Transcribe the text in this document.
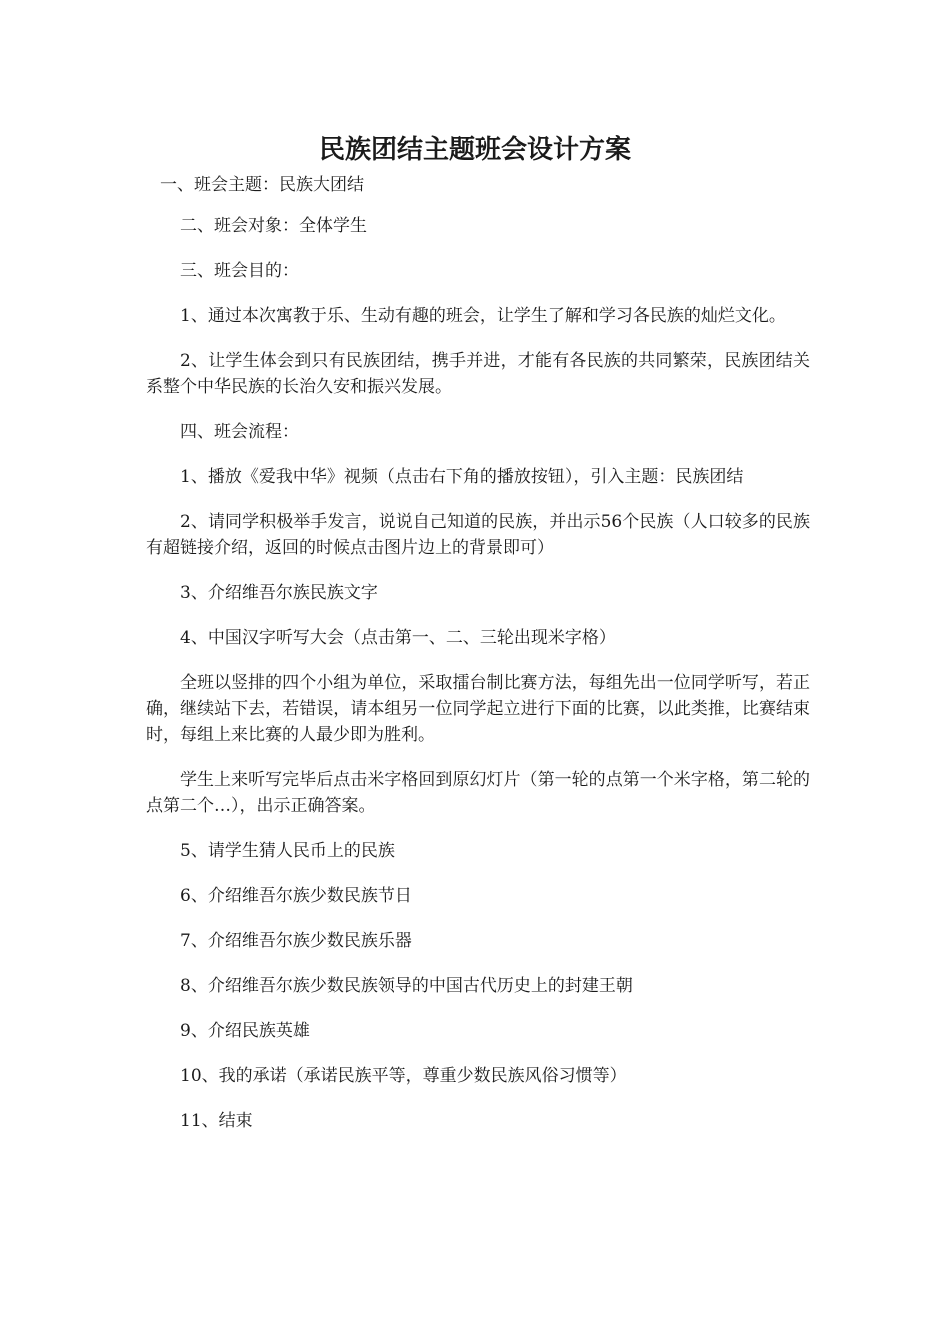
民族团结主题班会设计方案

一、班会主题：民族大团结

二、班会对象：全体学生

三、班会目的：

1、通过本次寓教于乐、生动有趣的班会，让学生了解和学习各民族的灿烂文化。

2、让学生体会到只有民族团结，携手并进，才能有各民族的共同繁荣，民族团结关系整个中华民族的长治久安和振兴发展。

四、班会流程：

1、播放《爱我中华》视频（点击右下角的播放按钮），引入主题：民族团结

2、请同学积极举手发言，说说自己知道的民族，并出示56个民族（人口较多的民族有超链接介绍，返回的时候点击图片边上的背景即可）

3、介绍维吾尔族民族文字

4、中国汉字听写大会（点击第一、二、三轮出现米字格）

全班以竖排的四个小组为单位，采取擂台制比赛方法，每组先出一位同学听写，若正确，继续站下去，若错误，请本组另一位同学起立进行下面的比赛，以此类推，比赛结束时，每组上来比赛的人最少即为胜利。

学生上来听写完毕后点击米字格回到原幻灯片（第一轮的点第一个米字格，第二轮的点第二个…），出示正确答案。

5、请学生猜人民币上的民族

6、介绍维吾尔族少数民族节日

7、介绍维吾尔族少数民族乐器

8、介绍维吾尔族少数民族领导的中国古代历史上的封建王朝

9、介绍民族英雄

10、我的承诺（承诺民族平等，尊重少数民族风俗习惯等）

11、结束
